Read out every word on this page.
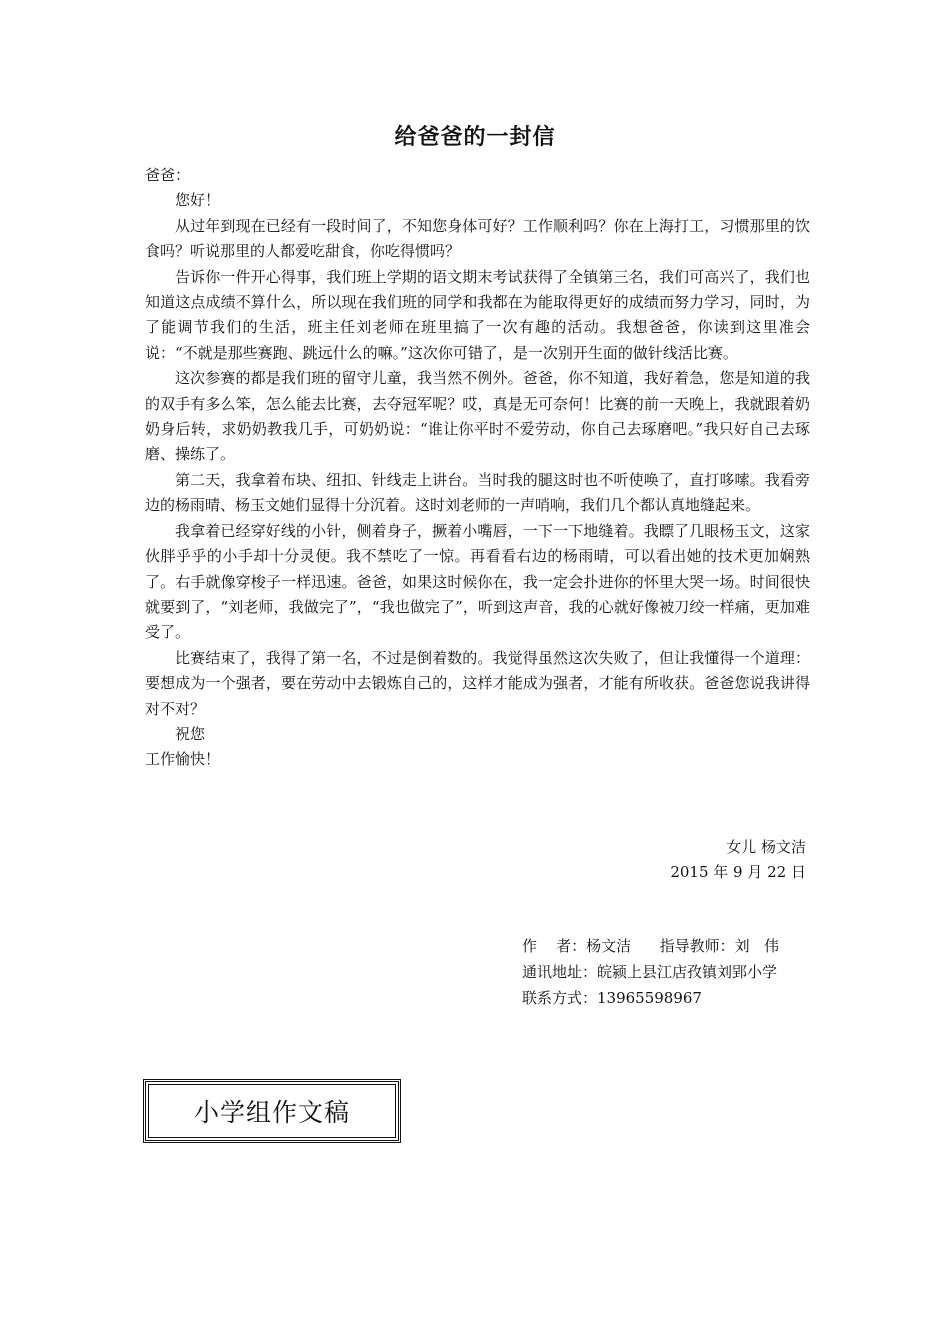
给爸爸的一封信

爸爸：

您好！

从过年到现在已经有一段时间了，不知您身体可好？工作顺利吗？你在上海打工，习惯那里的饮食吗？听说那里的人都爱吃甜食，你吃得惯吗？

告诉你一件开心得事，我们班上学期的语文期末考试获得了全镇第三名，我们可高兴了，我们也知道这点成绩不算什么，所以现在我们班的同学和我都在为能取得更好的成绩而努力学习，同时，为了能调节我们的生活，班主任刘老师在班里搞了一次有趣的活动。我想爸爸，你读到这里准会说：“不就是那些赛跑、跳远什么的嘛。”这次你可错了，是一次别开生面的做针线活比赛。

这次参赛的都是我们班的留守儿童，我当然不例外。爸爸，你不知道，我好着急，您是知道的我的双手有多么笨，怎么能去比赛，去夺冠军呢？哎，真是无可奈何！比赛的前一天晚上，我就跟着奶奶身后转，求奶奶教我几手，可奶奶说：“谁让你平时不爱劳动，你自己去琢磨吧。”我只好自己去琢磨、操练了。

第二天，我拿着布块、纽扣、针线走上讲台。当时我的腿这时也不听使唤了，直打哆嗦。我看旁边的杨雨晴、杨玉文她们显得十分沉着。这时刘老师的一声哨响，我们几个都认真地缝起来。

我拿着已经穿好线的小针，侧着身子，撅着小嘴唇，一下一下地缝着。我瞟了几眼杨玉文，这家伙胖乎乎的小手却十分灵便。我不禁吃了一惊。再看看右边的杨雨晴，可以看出她的技术更加娴熟了。右手就像穿梭子一样迅速。爸爸，如果这时候你在，我一定会扑进你的怀里大哭一场。时间很快就要到了，“刘老师，我做完了”，“我也做完了”，听到这声音，我的心就好像被刀绞一样痛，更加难受了。

比赛结束了，我得了第一名，不过是倒着数的。我觉得虽然这次失败了，但让我懂得一个道理：要想成为一个强者，要在劳动中去锻炼自己的，这样才能成为强者，才能有所收获。爸爸您说我讲得对不对？

祝您

工作愉快！

女儿 杨文洁

2015 年 9 月 22 日

作    者：杨文洁      指导教师：刘   伟

通讯地址：皖颍上县江店孜镇刘郢小学

联系方式：13965598967

小学组作文稿
